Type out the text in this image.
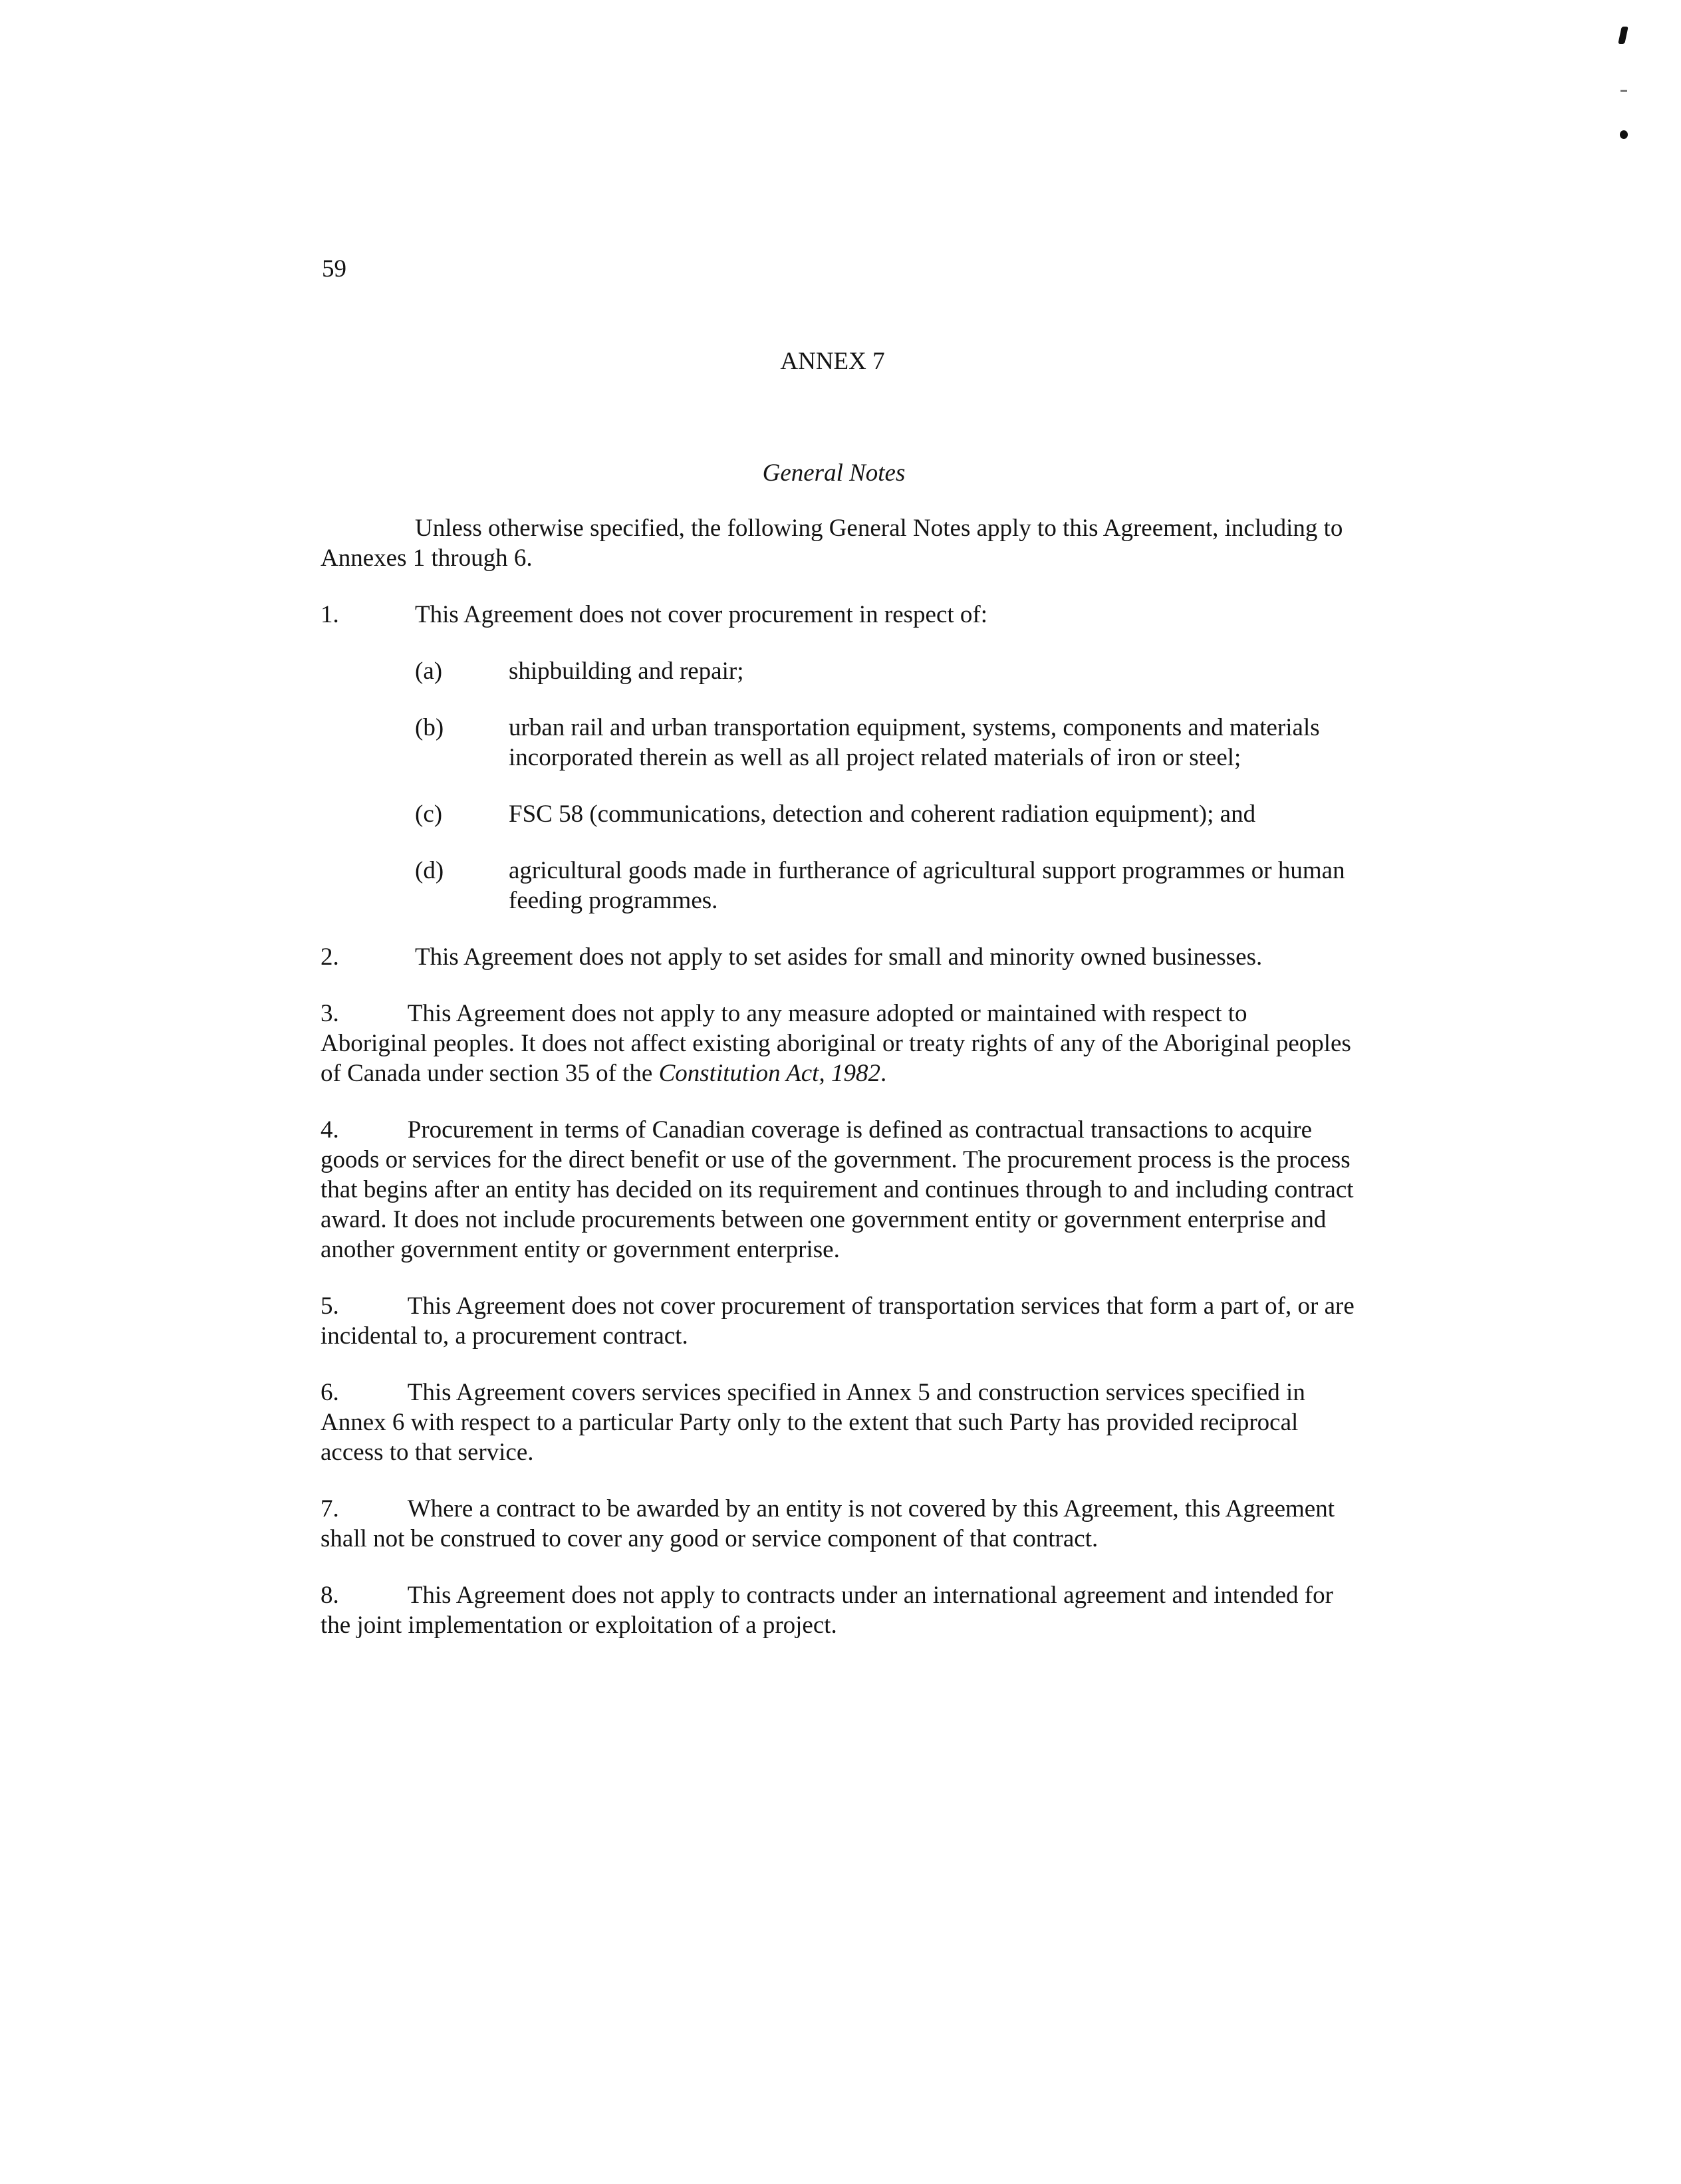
59
ANNEX 7
General Notes

Unless otherwise specified, the following General Notes apply to this Agreement, including to Annexes 1 through 6.

1.	This Agreement does not cover procurement in respect of:
(a)	shipbuilding and repair;
(b)	urban rail and urban transportation equipment, systems, components and materials incorporated therein as well as all project related materials of iron or steel;
(c)	FSC 58 (communications, detection and coherent radiation equipment); and
(d)	agricultural goods made in furtherance of agricultural support programmes or human feeding programmes.
2.	This Agreement does not apply to set asides for small and minority owned businesses.

3.	This Agreement does not apply to any measure adopted or maintained with respect to Aboriginal peoples. It does not affect existing aboriginal or treaty rights of any of the Aboriginal peoples of Canada under section 35 of the Constitution Act, 1982.

4.	Procurement in terms of Canadian coverage is defined as contractual transactions to acquire goods or services for the direct benefit or use of the government. The procurement process is the process that begins after an entity has decided on its requirement and continues through to and including contract award. It does not include procurements between one government entity or government enterprise and another government entity or government enterprise.

5.	This Agreement does not cover procurement of transportation services that form a part of, or are incidental to, a procurement contract.

6.	This Agreement covers services specified in Annex 5 and construction services specified in Annex 6 with respect to a particular Party only to the extent that such Party has provided reciprocal access to that service.

7.	Where a contract to be awarded by an entity is not covered by this Agreement, this Agreement shall not be construed to cover any good or service component of that contract.

8.	This Agreement does not apply to contracts under an international agreement and intended for the joint implementation or exploitation of a project.
